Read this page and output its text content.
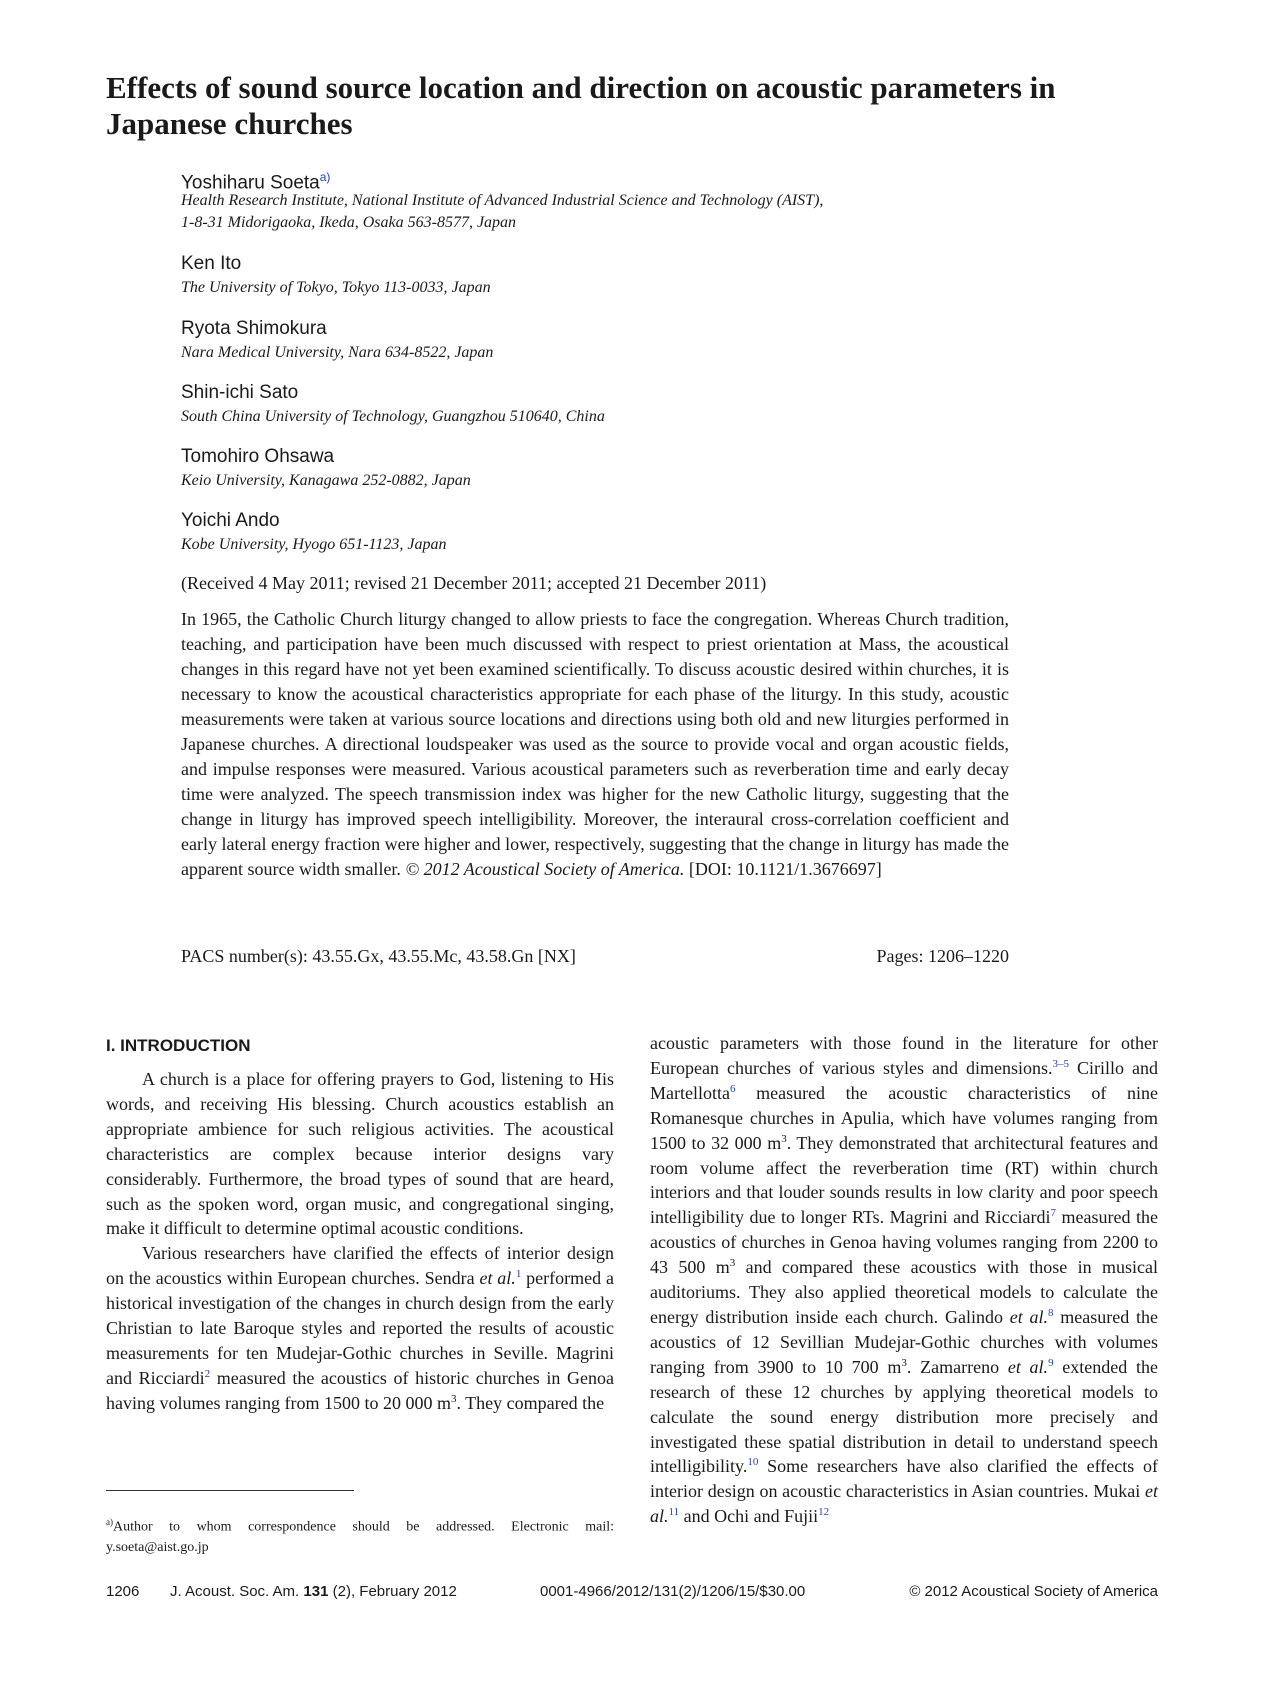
Effects of sound source location and direction on acoustic parameters in Japanese churches
Yoshiharu Soeta$^{a)}$
Health Research Institute, National Institute of Advanced Industrial Science and Technology (AIST),
1-8-31 Midorigaoka, Ikeda, Osaka 563-8577, Japan
Ken Ito
The University of Tokyo, Tokyo 113-0033, Japan
Ryota Shimokura
Nara Medical University, Nara 634-8522, Japan
Shin-ichi Sato
South China University of Technology, Guangzhou 510640, China
Tomohiro Ohsawa
Keio University, Kanagawa 252-0882, Japan
Yoichi Ando
Kobe University, Hyogo 651-1123, Japan
(Received 4 May 2011; revised 21 December 2011; accepted 21 December 2011)

In 1965, the Catholic Church liturgy changed to allow priests to face the congregation. Whereas Church tradition, teaching, and participation have been much discussed with respect to priest orientation at Mass, the acoustical changes in this regard have not yet been examined scientifically. To discuss acoustic desired within churches, it is necessary to know the acoustical characteristics appropriate for each phase of the liturgy. In this study, acoustic measurements were taken at various source locations and directions using both old and new liturgies performed in Japanese churches. A directional loudspeaker was used as the source to provide vocal and organ acoustic fields, and impulse responses were measured. Various acoustical parameters such as reverberation time and early decay time were analyzed. The speech transmission index was higher for the new Catholic liturgy, suggesting that the change in liturgy has improved speech intelligibility. Moreover, the interaural cross-correlation coefficient and early lateral energy fraction were higher and lower, respectively, suggesting that the change in liturgy has made the apparent source width smaller. © 2012 Acoustical Society of America. [DOI: 10.1121/1.3676697]

PACS number(s): 43.55.Gx, 43.55.Mc, 43.58.Gn [NX]	Pages: 1206–1220
I. INTRODUCTION

A church is a place for offering prayers to God, listening to His words, and receiving His blessing. Church acoustics establish an appropriate ambience for such religious activities. The acoustical characteristics are complex because interior designs vary considerably. Furthermore, the broad types of sound that are heard, such as the spoken word, organ music, and congregational singing, make it difficult to determine optimal acoustic conditions.

Various researchers have clarified the effects of interior design on the acoustics within European churches. Sendra et al.$^1$ performed a historical investigation of the changes in church design from the early Christian to late Baroque styles and reported the results of acoustic measurements for ten Mudejar-Gothic churches in Seville. Magrini and Ricciardi$^2$ measured the acoustics of historic churches in Genoa having volumes ranging from 1500 to 20 000 $m^3$. They compared the

acoustic parameters with those found in the literature for other European churches of various styles and dimensions.$^{3-5}$ Cirillo and Martellotta$^6$ measured the acoustic characteristics of nine Romanesque churches in Apulia, which have volumes ranging from 1500 to 32 000 $m^3$. They demonstrated that architectural features and room volume affect the reverberation time (RT) within church interiors and that louder sounds results in low clarity and poor speech intelligibility due to longer RTs. Magrini and Ricciardi$^7$ measured the acoustics of churches in Genoa having volumes ranging from 2200 to 43 500 $m^3$ and compared these acoustics with those in musical auditoriums. They also applied theoretical models to calculate the energy distribution inside each church. Galindo et al.$^8$ measured the acoustics of 12 Sevillian Mudejar-Gothic churches with volumes ranging from 3900 to 10 700 $m^3$. Zamarreno et al.$^9$ extended the research of these 12 churches by applying theoretical models to calculate the sound energy distribution more precisely and investigated these spatial distribution in detail to understand speech intelligibility.$^{10}$ Some researchers have also clarified the effects of interior design on acoustic characteristics in Asian countries. Mukai et al.$^{11}$ and Ochi and Fujii$^{12}$

$^{a)}$Author to whom correspondence should be addressed. Electronic mail: y.soeta@aist.go.jp
1206 J. Acoust. Soc. Am. 131 (2), February 2012	0001-4966/2012/131(2)/1206/15/$30.00	© 2012 Acoustical Society of America
